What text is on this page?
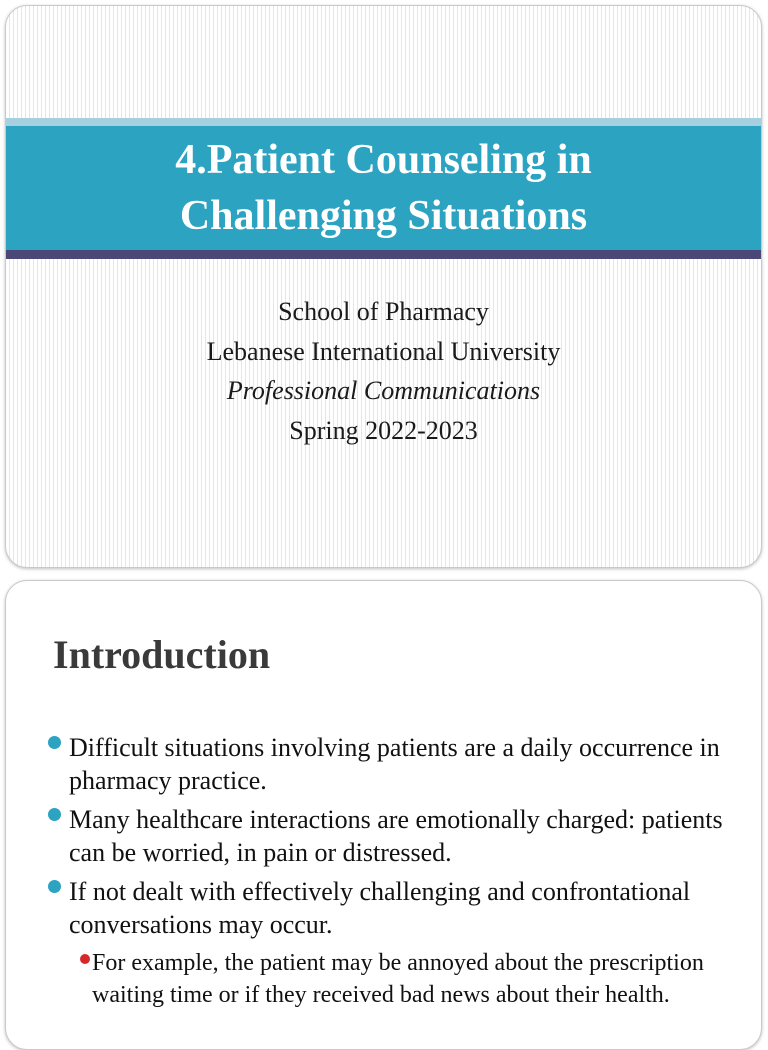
4.Patient Counseling in
Challenging Situations
School of Pharmacy
Lebanese International University
Professional Communications
Spring 2022-2023
Introduction
Difficult situations involving patients are a daily occurrence in pharmacy practice.
Many healthcare interactions are emotionally charged: patients can be worried, in pain or distressed.
If not dealt with effectively challenging and confrontational conversations may occur.
For example, the patient may be annoyed about the prescription waiting time or if they received bad news about their health.
